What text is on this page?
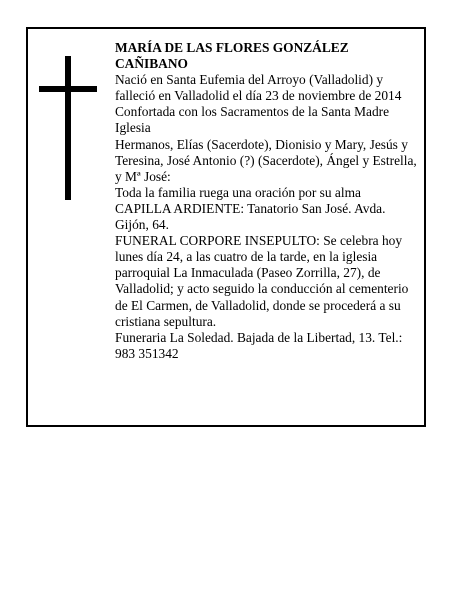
MARÍA DE LAS FLORES GONZÁLEZ CAÑIBANO

Nació en Santa Eufemia del Arroyo (Valladolid) y falleció en Valladolid el día 23 de noviembre de 2014

Confortada con los Sacramentos de la Santa Madre Iglesia

Hermanos, Elías (Sacerdote), Dionisio y Mary, Jesús y Teresina, José Antonio (?) (Sacerdote), Ángel y Estrella, y Mª José:

Toda la familia ruega una oración por su alma

CAPILLA ARDIENTE: Tanatorio San José. Avda. Gijón, 64.

FUNERAL CORPORE INSEPULTO: Se celebra hoy lunes día 24, a las cuatro de la tarde, en la iglesia parroquial La Inmaculada (Paseo Zorrilla, 27), de Valladolid; y acto seguido la conducción al cementerio de El Carmen, de Valladolid, donde se procederá a su cristiana sepultura.

Funeraria La Soledad. Bajada de la Libertad, 13. Tel.: 983 351342
